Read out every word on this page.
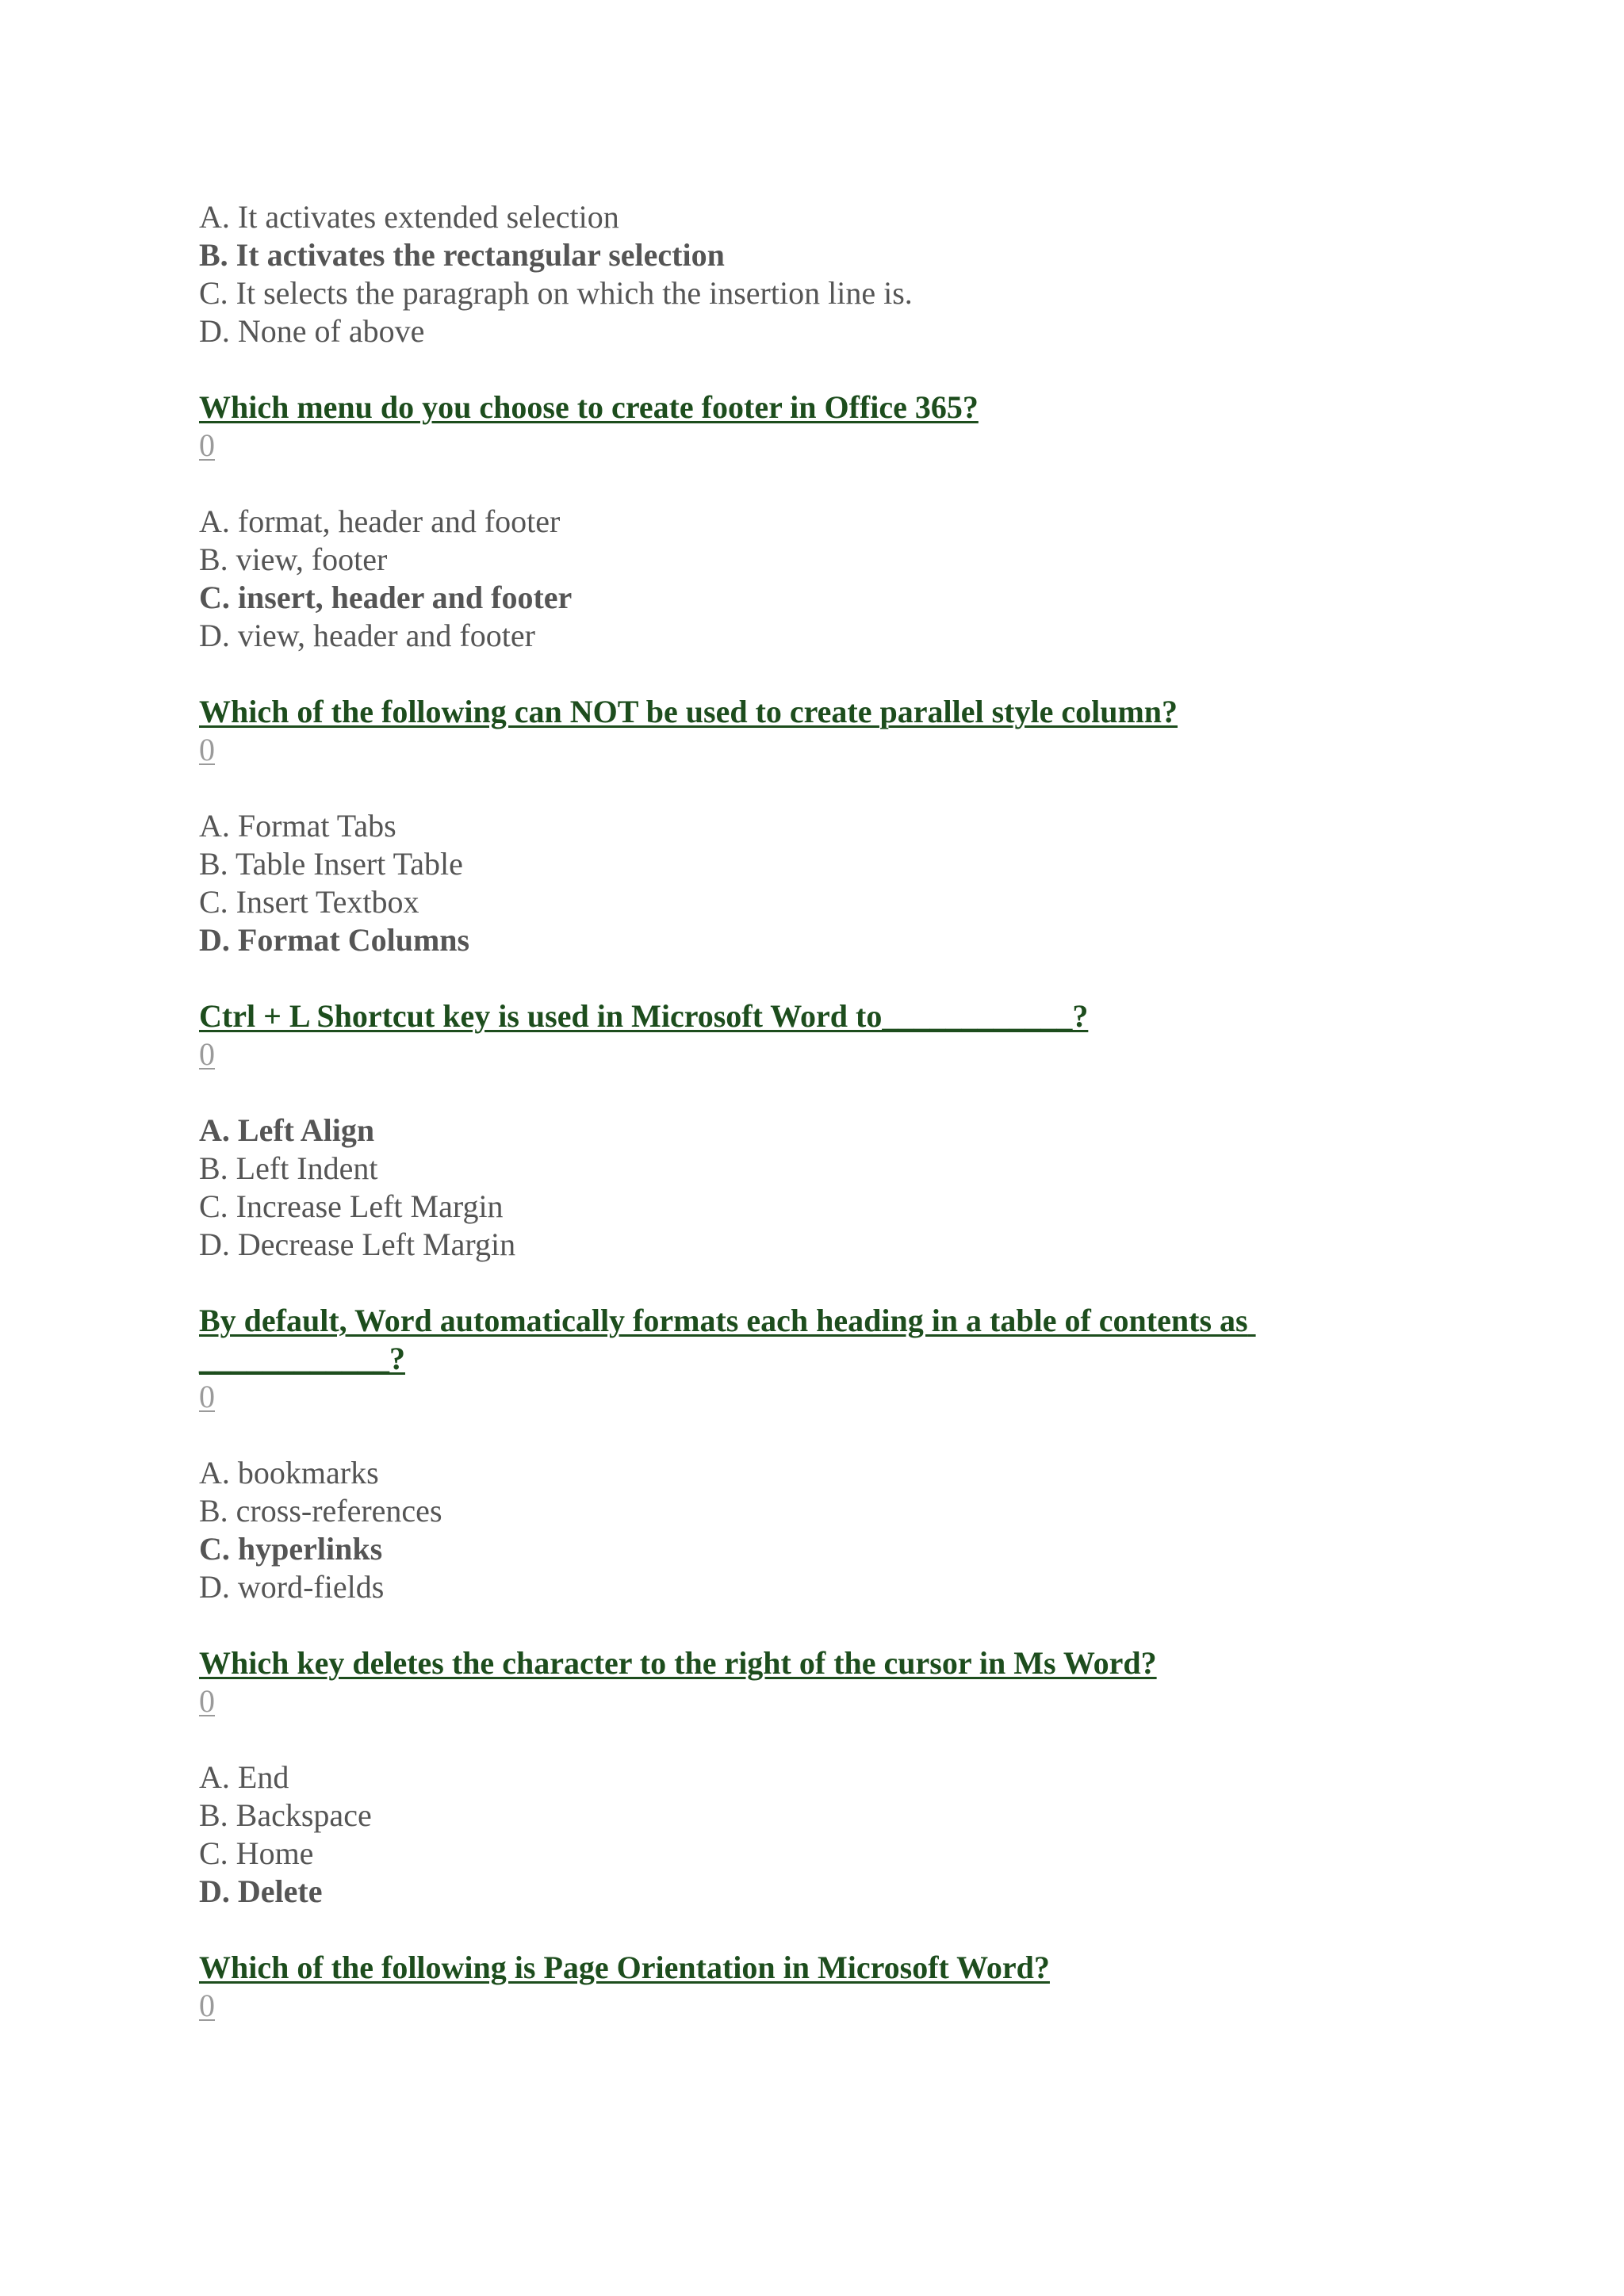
A. It activates extended selection
B. It activates the rectangular selection
C. It selects the paragraph on which the insertion line is.
D. None of above
Which menu do you choose to create footer in Office 365?
0
A. format, header and footer
B. view, footer
C. insert, header and footer
D. view, header and footer
Which of the following can NOT be used to create parallel style column?
0
A. Format Tabs
B. Table Insert Table
C. Insert Textbox
D. Format Columns
Ctrl + L Shortcut key is used in Microsoft Word to____________?
0
A. Left Align
B. Left Indent
C. Increase Left Margin
D. Decrease Left Margin
By default, Word automatically formats each heading in a table of contents as ____________?
0
A. bookmarks
B. cross-references
C. hyperlinks
D. word-fields
Which key deletes the character to the right of the cursor in Ms Word?
0
A. End
B. Backspace
C. Home
D. Delete
Which of the following is Page Orientation in Microsoft Word?
0
